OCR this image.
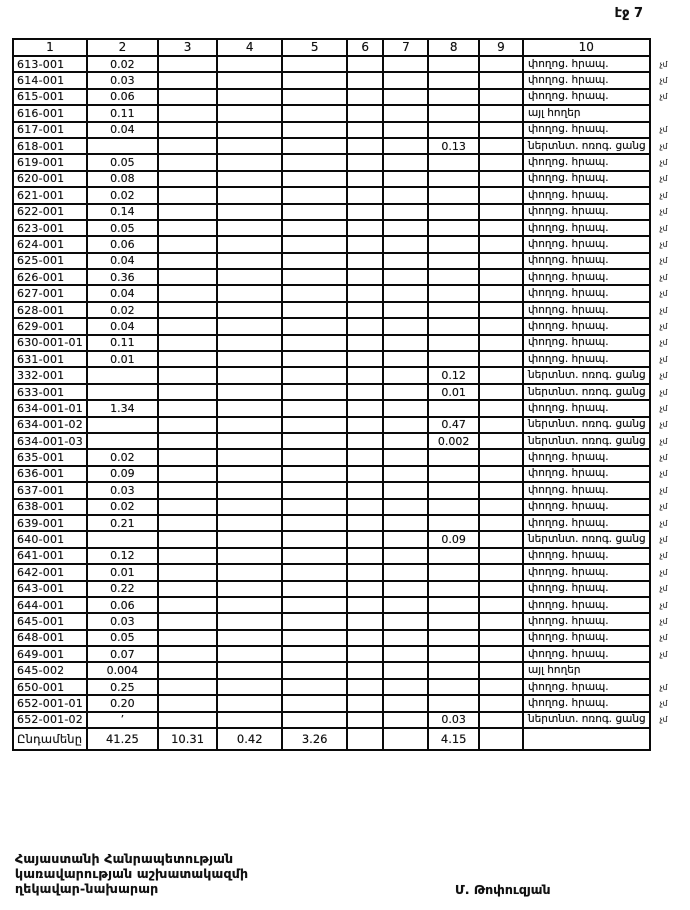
էջ 7
1	2	3	4	5	6	7	8	9	10	
613-001	0.02								փողոց. հրապ.	չմ
614-001	0.03								փողոց. հրապ.	չմ
615-001	0.06								փողոց. հրապ.	չմ
616-001	0.11								այլ հողեր	
617-001	0.04								փողոց. հրապ.	չմ
618-001							0.13		ներտնտ. ոռոգ. ցանց	չմ
619-001	0.05								փողոց. հրապ.	չմ
620-001	0.08								փողոց. հրապ.	չմ
621-001	0.02								փողոց. հրապ.	չմ
622-001	0.14								փողոց. հրապ.	չմ
623-001	0.05								փողոց. հրապ.	չմ
624-001	0.06								փողոց. հրապ.	չմ
625-001	0.04								փողոց. հրապ.	չմ
626-001	0.36								փողոց. հրապ.	չմ
627-001	0.04								փողոց. հրապ.	չմ
628-001	0.02								փողոց. հրապ.	չմ
629-001	0.04								փողոց. հրապ.	չմ
630-001-01	0.11								փողոց. հրապ.	չմ
631-001	0.01								փողոց. հրապ.	չմ
332-001							0.12		ներտնտ. ոռոգ. ցանց	չմ
633-001							0.01		ներտնտ. ոռոգ. ցանց	չմ
634-001-01	1.34								փողոց. հրապ.	չմ
634-001-02							0.47		ներտնտ. ոռոգ. ցանց	չմ
634-001-03							0.002		ներտնտ. ոռոգ. ցանց	չմ
635-001	0.02								փողոց. հրապ.	չմ
636-001	0.09								փողոց. հրապ.	չմ
637-001	0.03								փողոց. հրապ.	չմ
638-001	0.02								փողոց. հրապ.	չմ
639-001	0.21								փողոց. հրապ.	չմ
640-001							0.09		ներտնտ. ոռոգ. ցանց	չմ
641-001	0.12								փողոց. հրապ.	չմ
642-001	0.01								փողոց. հրապ.	չմ
643-001	0.22								փողոց. հրապ.	չմ
644-001	0.06								փողոց. հրապ.	չմ
645-001	0.03								փողոց. հրապ.	չմ
648-001	0.05								փողոց. հրապ.	չմ
649-001	0.07								փողոց. հրապ.	չմ
645-002	0.004								այլ հողեր	
650-001	0.25								փողոց. հրապ.	չմ
652-001-01	0.20								փողոց. հրապ.	չմ
652-001-02	’						0.03		ներտնտ. ոռոգ. ցանց	չմ
Ընդամենը	41.25	10.31	0.42	3.26			4.15			
Հայաստանի Հանրապետության
կառավարության աշխատակազմի
ղեկավար-նախարար	Մ. Թոփուզյան
